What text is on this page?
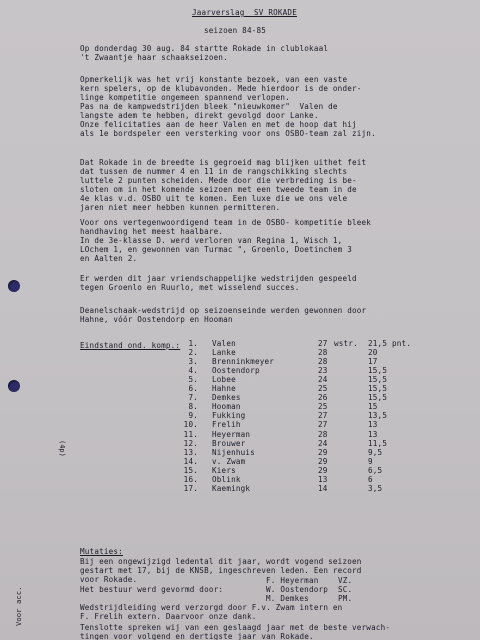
Jaarverslag  SV ROKADE
seizoen 84-85
Op donderdag 30 aug. 84 startte Rokade in clublokaal
't Zwaantje haar schaakseizoen.
Opmerkelijk was het vrij konstante bezoek, van een vaste
kern spelers, op de klubavonden. Mede hierdoor is de onder-
linge kompetitie ongemeen spannend verlopen.
Pas na de kampwedstrijden bleek "nieuwkomer"  Valen de
langste adem te hebben, direkt gevolgd door Lanke.
Onze felicitaties aan de heer Valen en met de hoop dat hij
als 1e bordspeler een versterking voor ons OSBO-team zal zijn.
Dat Rokade in de breedte is gegroeid mag blijken uithet feit
dat tussen de nummer 4 en 11 in de rangschikking slechts
luttele 2 punten scheiden. Mede door die verbreding is be-
sloten om in het komende seizoen met een tweede team in de
4e klas v.d. OSBO uit te komen. Een luxe die we ons vele
jaren niet meer hebben kunnen permitteren.
Voor ons vertegenwoordigend team in de OSBO- kompetitie bleek
handhaving het meest haalbare.
In de 3e-klasse D. werd verloren van Regina 1, Wisch 1,
LOchem 1, en gewonnen van Turmac ", Groenlo, Doetinchem 3
en Aalten 2.
Er werden dit jaar vriendschappelijke wedstrijden gespeeld
tegen Groenlo en Ruurlo, met wisselend succes.
Deanelschaak-wedstrijd op seizoenseinde werden gewonnen door
Hahne, vóór Oostendorp en Hooman
Eindstand ond. komp.: 1. Valen	27	21,5
2. Lanke	28	20
3. Brenninkmeyer	28	17
4. Oostendorp	23	15,5
5. Lobee	24	15,5
6. Hahne	25	15,5
7. Demkes	26	15,5
8. Hooman	25	15
9. Fukking	27	13,5
10. Frelih	27	13
11. Heyerman	28	13
12. Brouwer	24	11,5
13. Nijenhuis	29	9,5
14. v. Zwam	29	9
15. Kiers	29	6,5
16. Oblink	13	6
17. Kaemingk	14	3,5
wstr.	pnt.
Mutaties:
Bij een ongewijzigd ledental dit jaar, wordt vogend seizoen
gestart met 17, bij de KNSB, ingeschreven leden. Een record
voor Rokade.
Het bestuur werd gevormd door:
F. Heyerman	VZ.
W. Oostendorp SC.
M. Demkes	PM.
Wedstrijdleiding werd verzorgd door F.v. Zwam intern en
F. Frelih extern. Daarvoor onze dank.
Tenslotte spreken wij van een geslaagd jaar met de beste verwach-
tingen voor volgend en dertigste jaar van Rokade.
Voor acc.
(4p)
